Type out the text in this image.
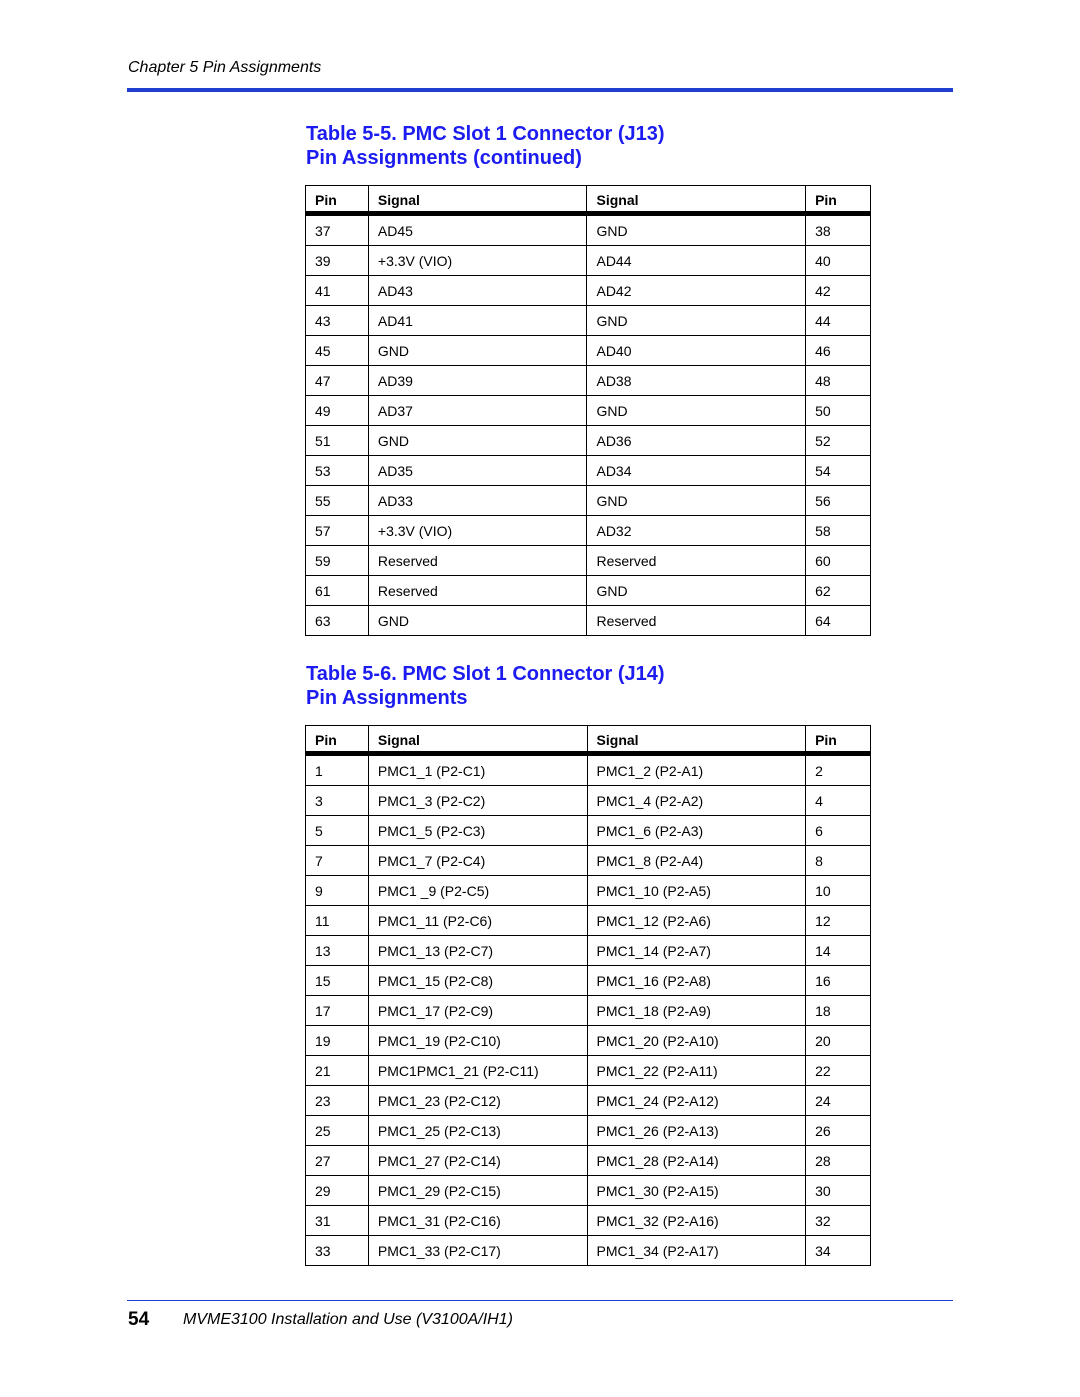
Chapter 5 Pin Assignments
Table 5-5. PMC Slot 1 Connector (J13)
Pin Assignments (continued)
Pin	Signal	Signal	Pin
37	AD45	GND	38
39	+3.3V (VIO)	AD44	40
41	AD43	AD42	42
43	AD41	GND	44
45	GND	AD40	46
47	AD39	AD38	48
49	AD37	GND	50
51	GND	AD36	52
53	AD35	AD34	54
55	AD33	GND	56
57	+3.3V (VIO)	AD32	58
59	Reserved	Reserved	60
61	Reserved	GND	62
63	GND	Reserved	64
Table 5-6. PMC Slot 1 Connector (J14)
Pin Assignments
Pin	Signal	Signal	Pin
1	PMC1_1 (P2-C1)	PMC1_2 (P2-A1)	2
3	PMC1_3 (P2-C2)	PMC1_4 (P2-A2)	4
5	PMC1_5 (P2-C3)	PMC1_6 (P2-A3)	6
7	PMC1_7 (P2-C4)	PMC1_8 (P2-A4)	8
9	PMC1 _9 (P2-C5)	PMC1_10 (P2-A5)	10
11	PMC1_11 (P2-C6)	PMC1_12 (P2-A6)	12
13	PMC1_13 (P2-C7)	PMC1_14 (P2-A7)	14
15	PMC1_15 (P2-C8)	PMC1_16 (P2-A8)	16
17	PMC1_17 (P2-C9)	PMC1_18 (P2-A9)	18
19	PMC1_19 (P2-C10)	PMC1_20 (P2-A10)	20
21	PMC1PMC1_21 (P2-C11)	PMC1_22 (P2-A11)	22
23	PMC1_23 (P2-C12)	PMC1_24 (P2-A12)	24
25	PMC1_25 (P2-C13)	PMC1_26 (P2-A13)	26
27	PMC1_27 (P2-C14)	PMC1_28 (P2-A14)	28
29	PMC1_29 (P2-C15)	PMC1_30 (P2-A15)	30
31	PMC1_31 (P2-C16)	PMC1_32 (P2-A16)	32
33	PMC1_33 (P2-C17)	PMC1_34 (P2-A17)	34
54 MVME3100 Installation and Use (V3100A/IH1)
